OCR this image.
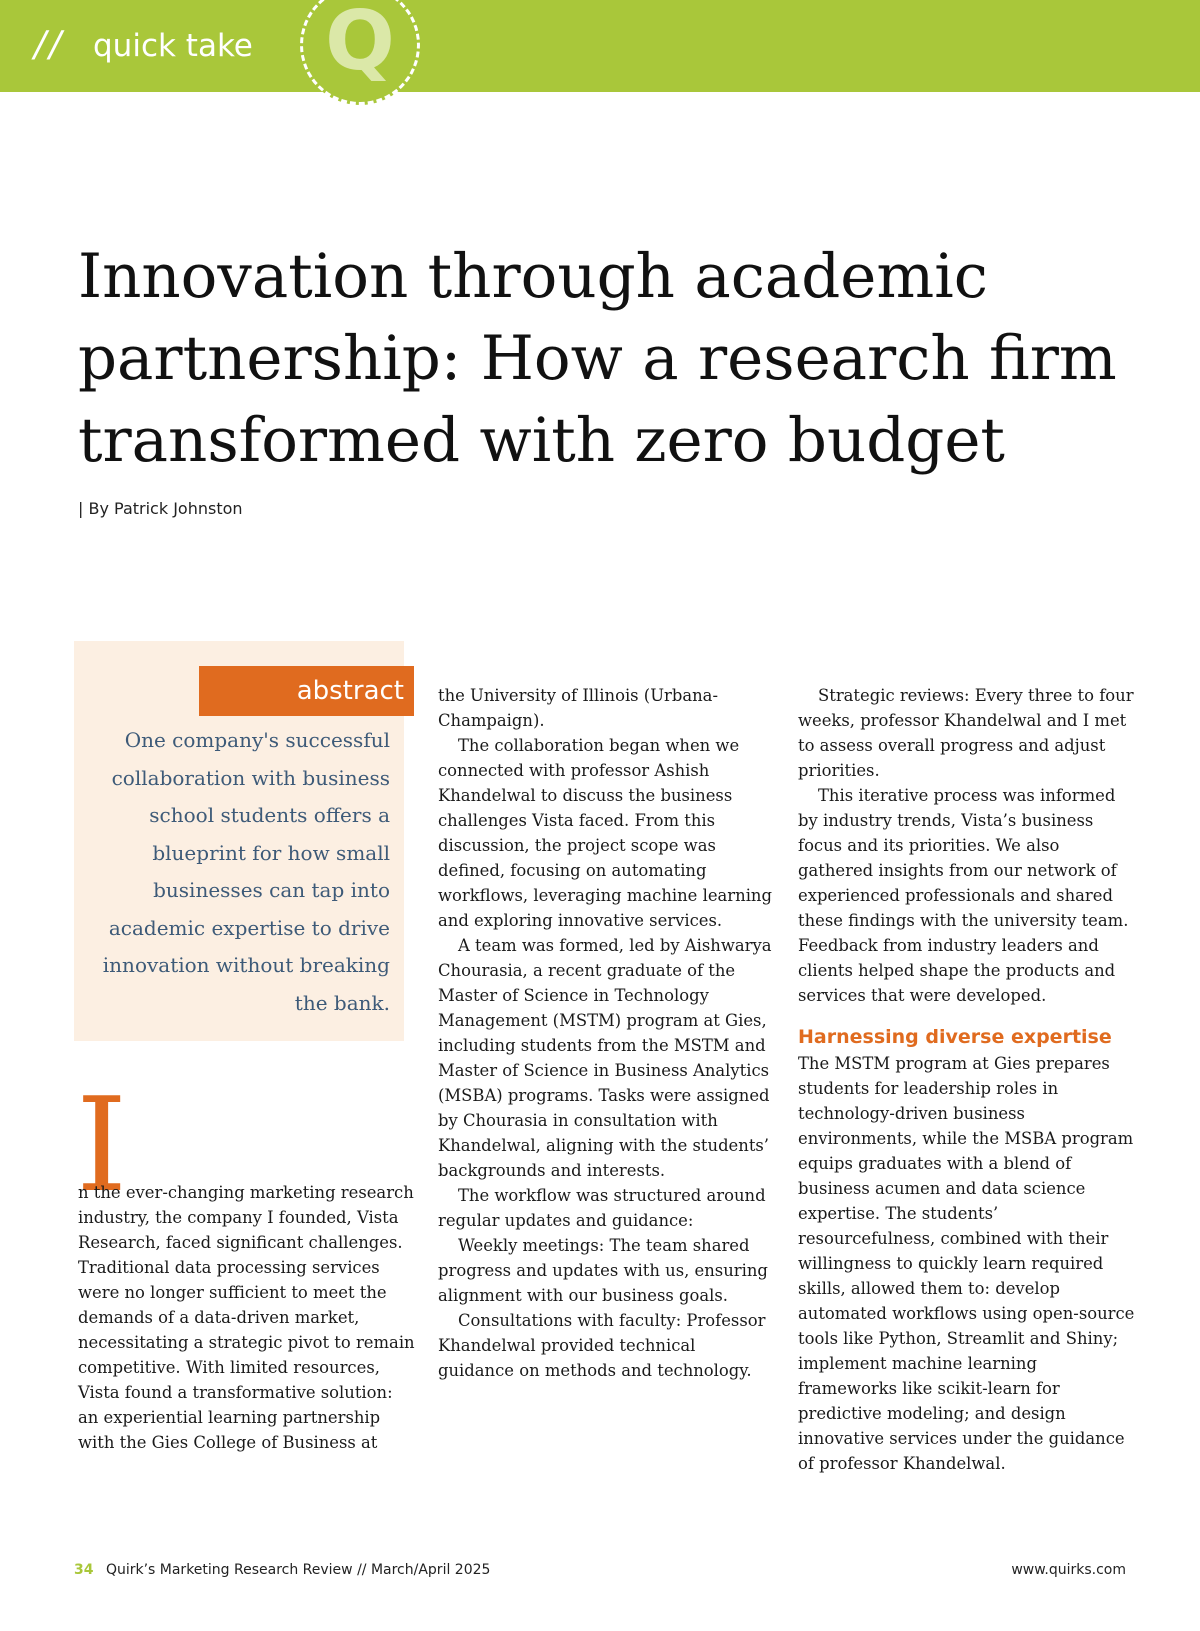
// quick take Q
Innovation through academic partnership: How a research firm transformed with zero budget
| By Patrick Johnston
abstract
One company's successful collaboration with business school students offers a blueprint for how small businesses can tap into academic expertise to drive innovation without breaking the bank.
I

n the ever-changing marketing research industry, the company I founded, Vista Research, faced significant challenges. Traditional data processing services were no longer sufficient to meet the demands of a data-driven market, necessitating a strategic pivot to remain competitive. With limited resources, Vista found a transformative solution: an experiential learning partnership with the Gies College of Business at

the University of Illinois (Urbana-Champaign).

The collaboration began when we connected with professor Ashish Khandelwal to discuss the business challenges Vista faced. From this discussion, the project scope was defined, focusing on automating workflows, leveraging machine learning and exploring innovative services.

A team was formed, led by Aishwarya Chourasia, a recent graduate of the Master of Science in Technology Management (MSTM) program at Gies, including students from the MSTM and Master of Science in Business Analytics (MSBA) programs. Tasks were assigned by Chourasia in consultation with Khandelwal, aligning with the students’ backgrounds and interests.

The workflow was structured around regular updates and guidance:

Weekly meetings: The team shared progress and updates with us, ensuring alignment with our business goals.

Consultations with faculty: Professor Khandelwal provided technical guidance on methods and technology.

Strategic reviews: Every three to four weeks, professor Khandelwal and I met to assess overall progress and adjust priorities.

This iterative process was informed by industry trends, Vista’s business focus and its priorities. We also gathered insights from our network of experienced professionals and shared these findings with the university team. Feedback from industry leaders and clients helped shape the products and services that were developed.

Harnessing diverse expertise

The MSTM program at Gies prepares students for leadership roles in technology-driven business environments, while the MSBA program equips graduates with a blend of business acumen and data science expertise. The students’ resourcefulness, combined with their willingness to quickly learn required skills, allowed them to: develop automated workflows using open-source tools like Python, Streamlit and Shiny; implement machine learning frameworks like scikit-learn for predictive modeling; and design innovative services under the guidance of professor Khandelwal.

34 Quirk’s Marketing Research Review // March/April 2025	www.quirks.com
